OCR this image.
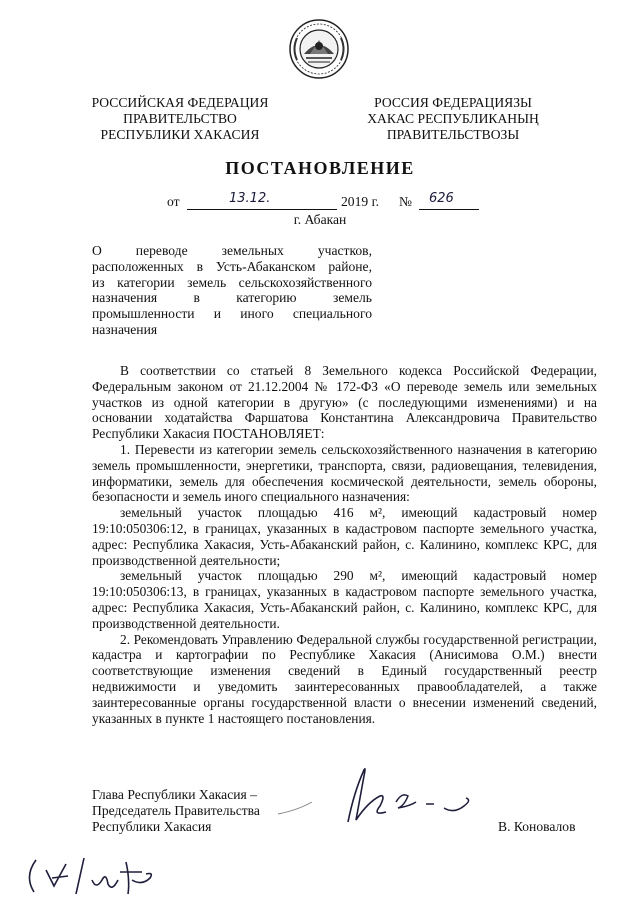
РОССИЙСКАЯ ФЕДЕРАЦИЯ
ПРАВИТЕЛЬСТВО
РЕСПУБЛИКИ ХАКАСИЯ
РОССИЯ ФЕДЕРАЦИЯЗЫ
ХАКАС РЕСПУБЛИКАНЫҢ
ПРАВИТЕЛЬСТВОЗЫ
ПОСТАНОВЛЕНИЕ
от	13.12.	2019 г. № 626
г. Абакан
О переводе земельных участков,
расположенных в Усть-Абаканском районе,
из категории земель сельскохозяйственного
назначения в категорию земель
промышленности и иного специального
назначения

В соответствии со статьей 8 Земельного кодекса Российской Федерации, Федеральным законом от 21.12.2004 № 172-ФЗ «О переводе земель или земельных участков из одной категории в другую» (с последующими изменениями) и на основании ходатайства Фаршатова Константина Александровича Правительство Республики Хакасия ПОСТАНОВЛЯЕТ:

1. Перевести из категории земель сельскохозяйственного назначения в категорию земель промышленности, энергетики, транспорта, связи, радиовещания, телевидения, информатики, земель для обеспечения космической деятельности, земель обороны, безопасности и земель иного специального назначения:

земельный участок площадью 416 м², имеющий кадастровый номер 19:10:050306:12, в границах, указанных в кадастровом паспорте земельного участка, адрес: Республика Хакасия, Усть-Абаканский район, с. Калинино, комплекс КРС, для производственной деятельности;

земельный участок площадью 290 м², имеющий кадастровый номер 19:10:050306:13, в границах, указанных в кадастровом паспорте земельного участка, адрес: Республика Хакасия, Усть-Абаканский район, с. Калинино, комплекс КРС, для производственной деятельности.

2. Рекомендовать Управлению Федеральной службы государственной регистрации, кадастра и картографии по Республике Хакасия (Анисимова О.М.) внести соответствующие изменения сведений в Единый государственный реестр недвижимости и уведомить заинтересованных правообладателей, а также заинтересованные органы государственной власти о внесении изменений сведений, указанных в пункте 1 настоящего постановления.

Глава Республики Хакасия –
Председатель Правительства
Республики Хакасия	В. Коновалов
